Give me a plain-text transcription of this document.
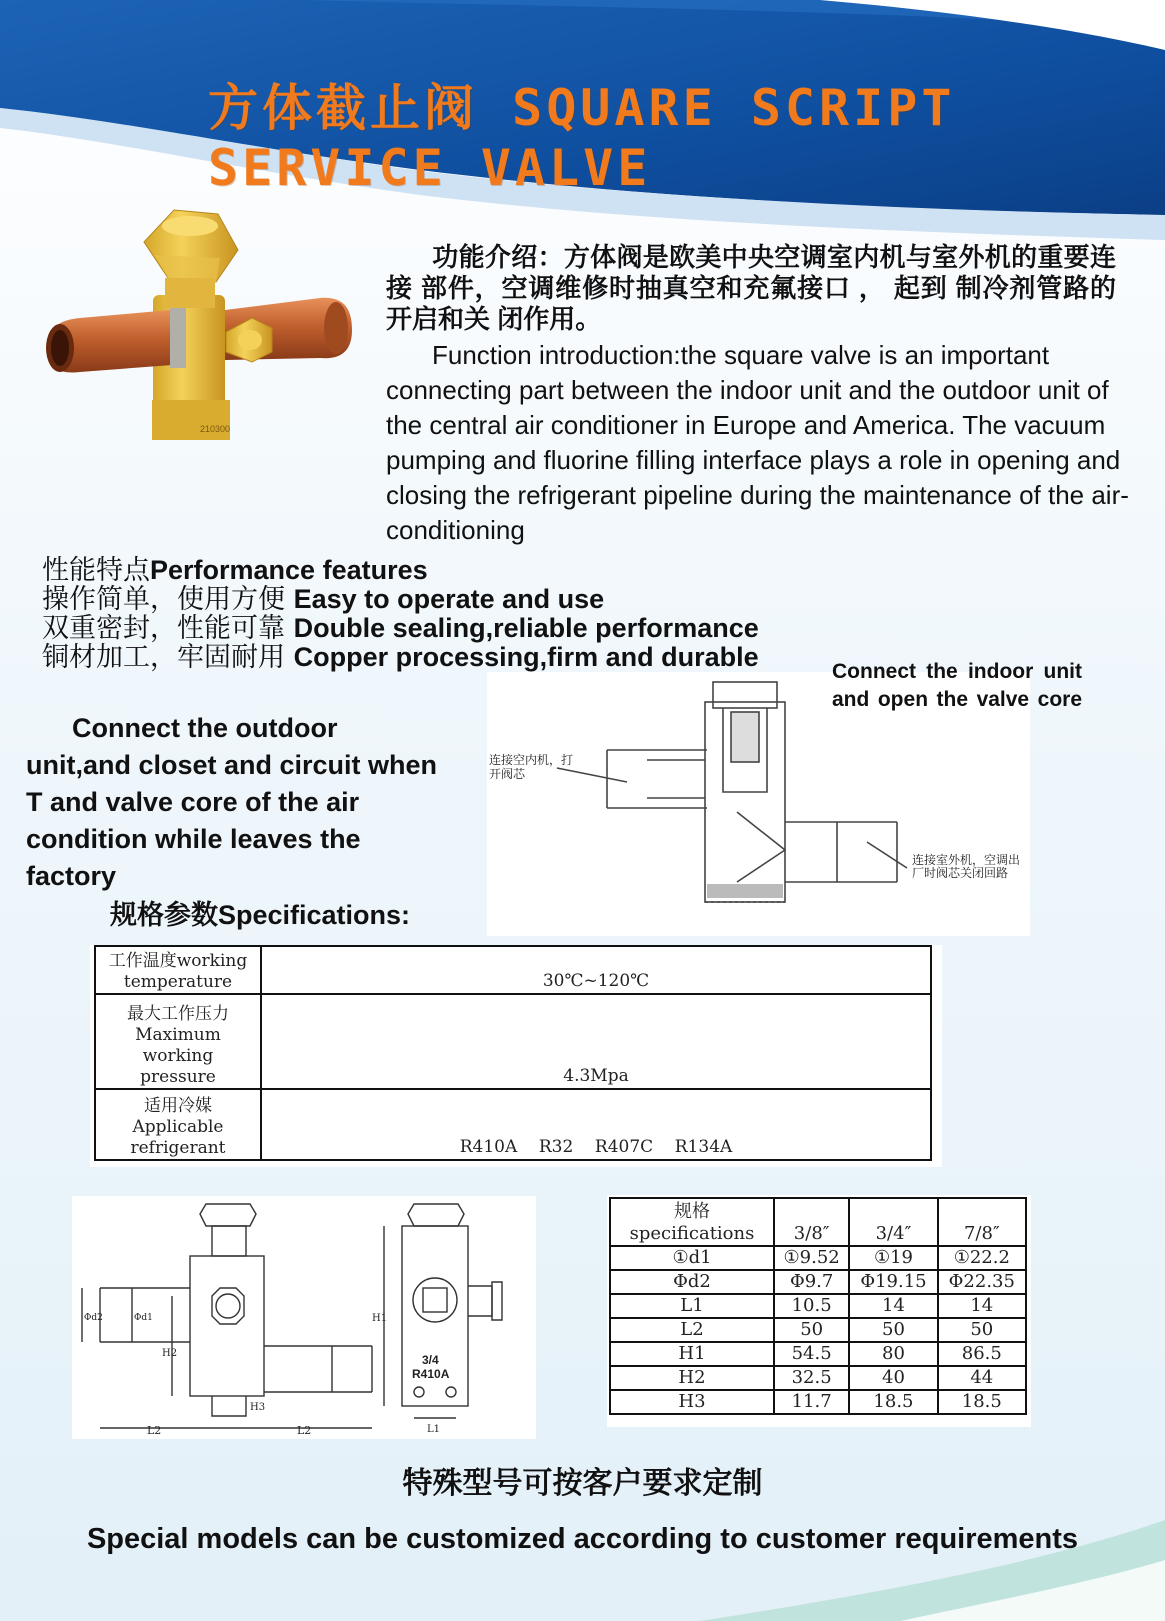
方体截止阀 SQUARE SCRIPT SERVICE VALVE
210300
功能介绍：方体阀是欧美中央空调室内机与室外机的重要连接 部件，空调维修时抽真空和充氟接口 ， 起到 制冷剂管路的开启和关 闭作用。
Function introduction:the square valve is an important connecting part between the indoor unit and the outdoor unit of the central air conditioner in Europe and America. The vacuum pumping and fluorine filling interface plays a role in opening and closing the refrigerant pipeline during the maintenance of the air-conditioning
性能特点Performance features
操作简单，使用方便 Easy to operate and use
双重密封，性能可靠 Double sealing,reliable performance
铜材加工，牢固耐用 Copper processing,firm and durable
Connect the outdoor unit,and closet and circuit when T and valve core of the air condition while leaves the factory
规格参数Specifications:
连接空内机，打
开阀芯
连接室外机，空调出
厂时阀芯关闭回路
Connect the indoor unit and open the valve core
工作温度working
temperature	30℃~120℃

最大工作压力
Maximum working
pressure	4.3Mpa

适用冷媒Applicable
refrigerant	R410A    R32    R407C    R134A
L2	L2	L1
H1
H2
H3
Φd1
Φd2
3/4
R410A
规格
specifications	3/8″	3/4″	7/8″
①d1	①9.52	①19	①22.2
Φd2	Φ9.7	Φ19.15	Φ22.35
L1	10.5	14	14
L2	50	50	50
H1	54.5	80	86.5
H2	32.5	40	44
H3	11.7	18.5	18.5
特殊型号可按客户要求定制
Special models can be customized according to customer requirements
